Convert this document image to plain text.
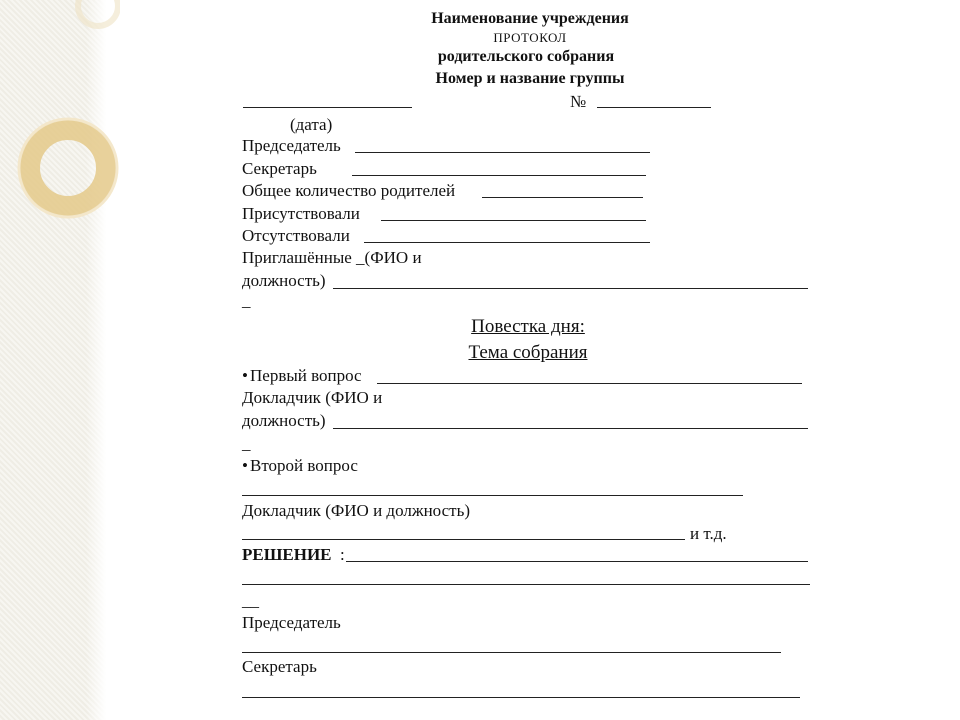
Наименование учреждения
ПРОТОКОЛ
родительского собрания
Номер и название группы
№
(дата)
Председатель
Секретарь
Общее количество родителей
Присутствовали
Отсутствовали
Приглашённые _(ФИО и
должность)
_
Повестка дня:
Тема собрания
• Первый вопрос
Докладчик (ФИО и
должность)
_
• Второй вопрос
Докладчик (ФИО и должность)
и т.д.
РЕШЕНИЕ :
__
Председатель
Секретарь
